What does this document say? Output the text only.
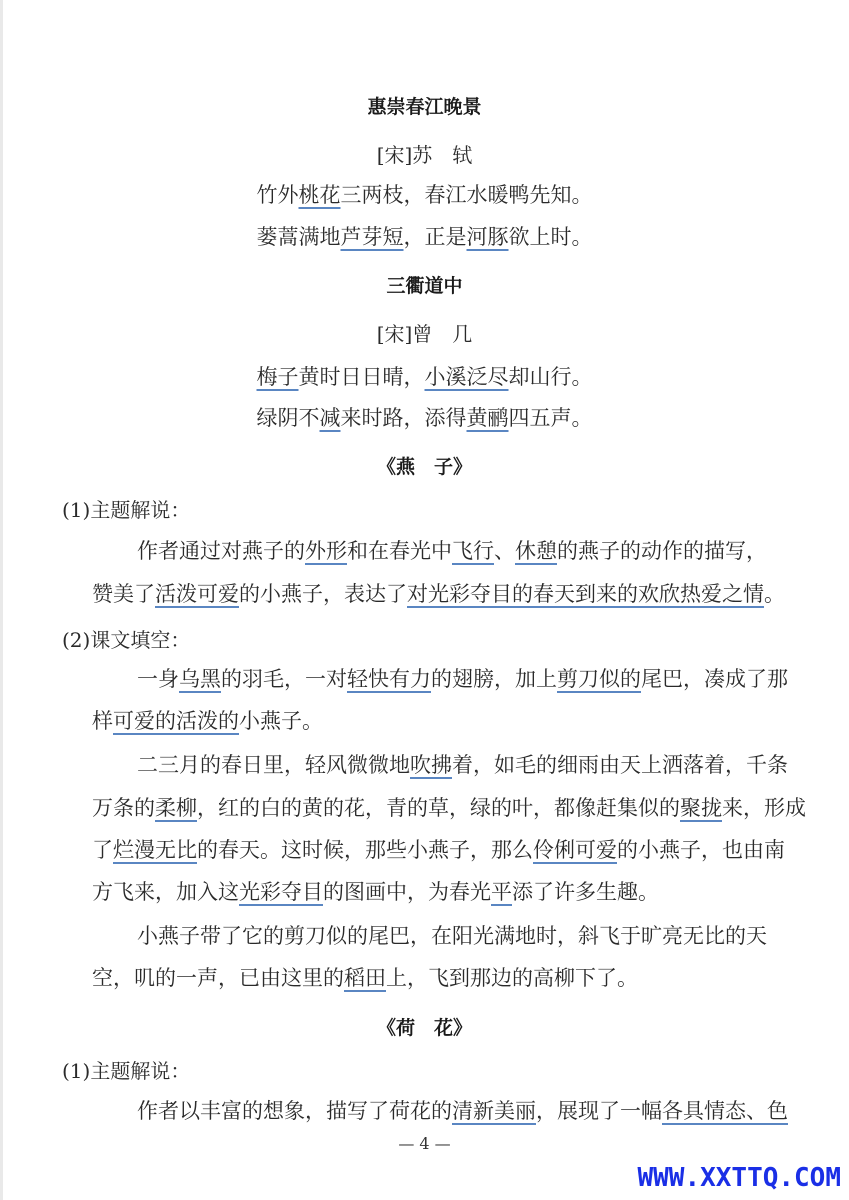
惠崇春江晚景
[宋]苏　轼
竹外桃花三两枝，春江水暖鸭先知。
蒌蒿满地芦芽短，正是河豚欲上时。
三衢道中
[宋]曾　几
梅子黄时日日晴，小溪泛尽却山行。
绿阴不减来时路，添得黄鹂四五声。
《燕　子》
(1)主题解说：
作者通过对燕子的外形和在春光中飞行、休憩的燕子的动作的描写，
赞美了活泼可爱的小燕子，表达了对光彩夺目的春天到来的欢欣热爱之情。
(2)课文填空：
一身乌黑的羽毛，一对轻快有力的翅膀，加上剪刀似的尾巴，凑成了那
样可爱的活泼的小燕子。
二三月的春日里，轻风微微地吹拂着，如毛的细雨由天上洒落着，千条
万条的柔柳，红的白的黄的花，青的草，绿的叶，都像赶集似的聚拢来，形成
了烂漫无比的春天。这时候，那些小燕子，那么伶俐可爱的小燕子，也由南
方飞来，加入这光彩夺目的图画中，为春光平添了许多生趣。
小燕子带了它的剪刀似的尾巴，在阳光满地时，斜飞于旷亮无比的天
空，叽的一声，已由这里的稻田上，飞到那边的高柳下了。
《荷　花》
(1)主题解说：
作者以丰富的想象，描写了荷花的清新美丽，展现了一幅各具情态、色
— 4 —
WWW.XXTTQ.COM
